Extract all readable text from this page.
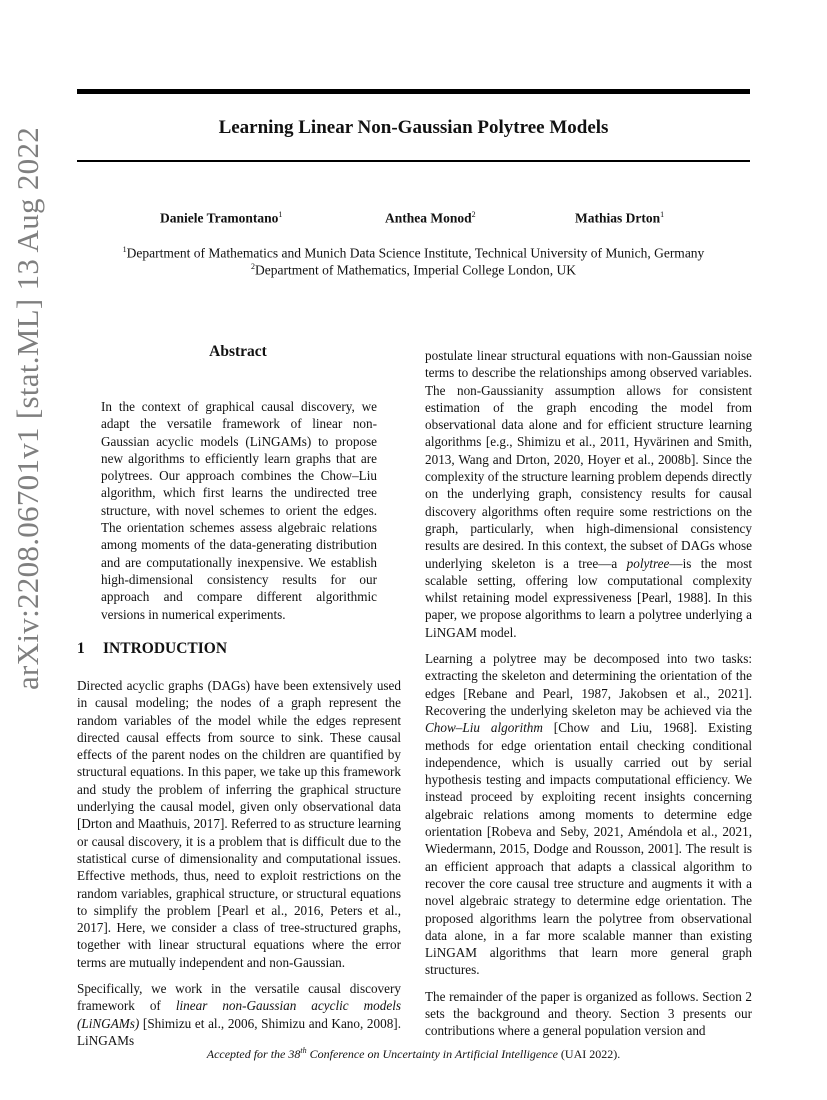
Learning Linear Non-Gaussian Polytree Models
Daniele Tramontano$^1$	Anthea Monod$^2$	Mathias Drton$^1$
$^1$Department of Mathematics and Munich Data Science Institute, Technical University of Munich, Germany
$^2$Department of Mathematics, Imperial College London, UK
arXiv:2208.06701v1 [stat.ML] 13 Aug 2022	Abstract
In the context of graphical causal discovery, we adapt the versatile framework of linear non-Gaussian acyclic models (LiNGAMs) to propose new algorithms to efficiently learn graphs that are polytrees. Our approach combines the Chow–Liu algorithm, which first learns the undirected tree structure, with novel schemes to orient the edges. The orientation schemes assess algebraic relations among moments of the data-generating distribution and are computationally inexpensive. We establish high-dimensional consistency results for our approach and compare different algorithmic versions in numerical experiments.
1 INTRODUCTION

Directed acyclic graphs (DAGs) have been extensively used in causal modeling; the nodes of a graph represent the random variables of the model while the edges represent directed causal effects from source to sink. These causal effects of the parent nodes on the children are quantified by structural equations. In this paper, we take up this framework and study the problem of inferring the graphical structure underlying the causal model, given only observational data [Drton and Maathuis, 2017]. Referred to as structure learning or causal discovery, it is a problem that is difficult due to the statistical curse of dimensionality and computational issues. Effective methods, thus, need to exploit restrictions on the random variables, graphical structure, or structural equations to simplify the problem [Pearl et al., 2016, Peters et al., 2017]. Here, we consider a class of tree-structured graphs, together with linear structural equations where the error terms are mutually independent and non-Gaussian.

Specifically, we work in the versatile causal discovery framework of linear non-Gaussian acyclic models (LiNGAMs) [Shimizu et al., 2006, Shimizu and Kano, 2008]. LiNGAMs

postulate linear structural equations with non-Gaussian noise terms to describe the relationships among observed variables. The non-Gaussianity assumption allows for consistent estimation of the graph encoding the model from observational data alone and for efficient structure learning algorithms [e.g., Shimizu et al., 2011, Hyvärinen and Smith, 2013, Wang and Drton, 2020, Hoyer et al., 2008b]. Since the complexity of the structure learning problem depends directly on the underlying graph, consistency results for causal discovery algorithms often require some restrictions on the graph, particularly, when high-dimensional consistency results are desired. In this context, the subset of DAGs whose underlying skeleton is a tree—a polytree—is the most scalable setting, offering low computational complexity whilst retaining model expressiveness [Pearl, 1988]. In this paper, we propose algorithms to learn a polytree underlying a LiNGAM model.

Learning a polytree may be decomposed into two tasks: extracting the skeleton and determining the orientation of the edges [Rebane and Pearl, 1987, Jakobsen et al., 2021]. Recovering the underlying skeleton may be achieved via the Chow–Liu algorithm [Chow and Liu, 1968]. Existing methods for edge orientation entail checking conditional independence, which is usually carried out by serial hypothesis testing and impacts computational efficiency. We instead proceed by exploiting recent insights concerning algebraic relations among moments to determine edge orientation [Robeva and Seby, 2021, Améndola et al., 2021, Wiedermann, 2015, Dodge and Rousson, 2001]. The result is an efficient approach that adapts a classical algorithm to recover the core causal tree structure and augments it with a novel algebraic strategy to determine edge orientation. The proposed algorithms learn the polytree from observational data alone, in a far more scalable manner than existing LiNGAM algorithms that learn more general graph structures.

The remainder of the paper is organized as follows. Section 2 sets the background and theory. Section 3 presents our contributions where a general population version and

Accepted for the 38th Conference on Uncertainty in Artificial Intelligence (UAI 2022).
